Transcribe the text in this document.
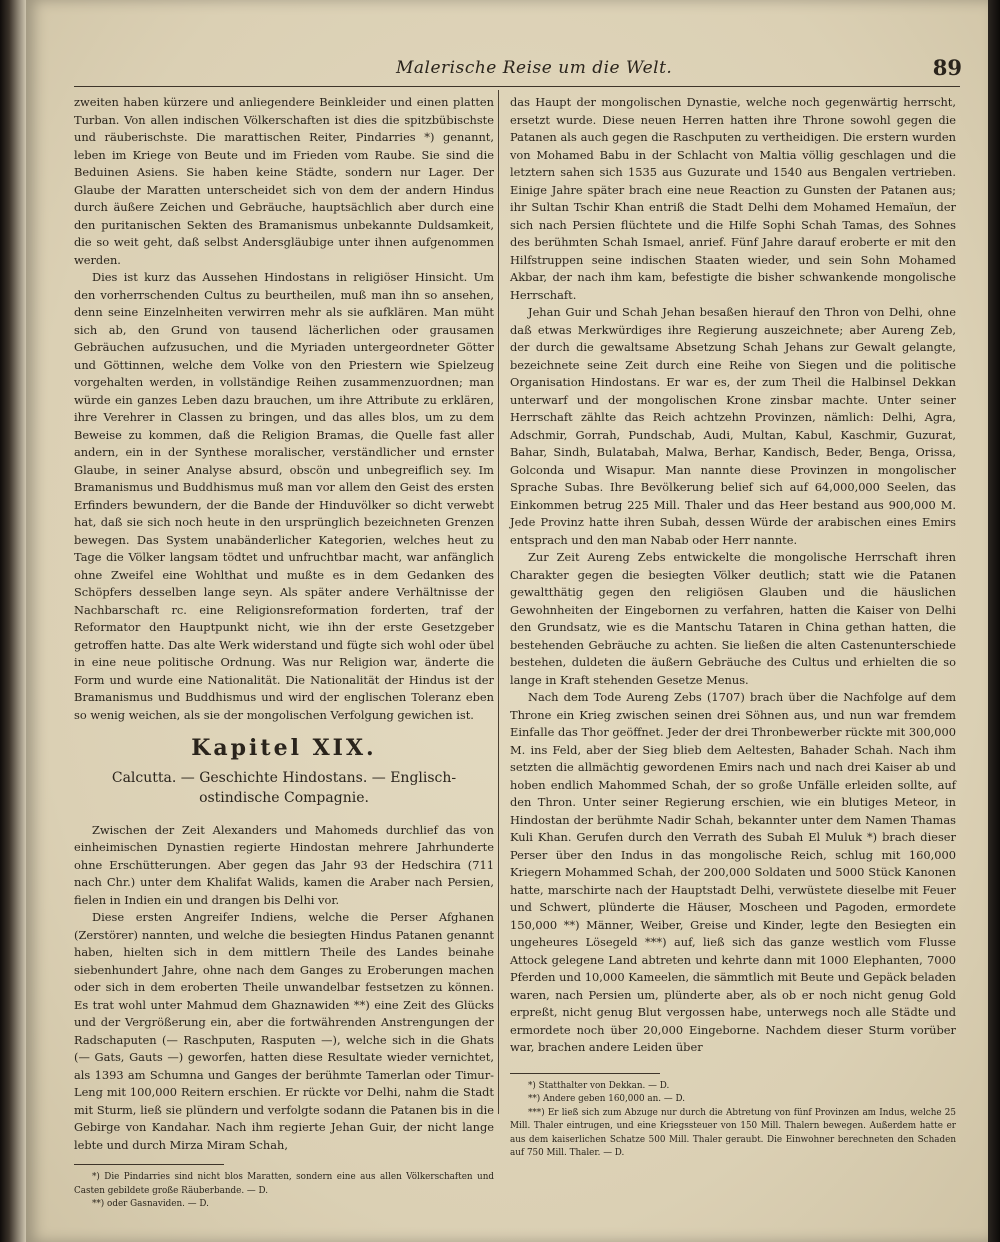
Malerische Reise um die Welt.	89

zweiten haben kürzere und anliegendere Beinkleider und einen platten Turban. Von allen indischen Völkerschaften ist dies die spitzbübischste und räuberischste. Die marattischen Reiter, Pindarries *) genannt, leben im Kriege von Beute und im Frieden vom Raube. Sie sind die Beduinen Asiens. Sie haben keine Städte, sondern nur Lager. Der Glaube der Maratten unterscheidet sich von dem der andern Hindus durch äußere Zeichen und Gebräuche, hauptsächlich aber durch eine den puritanischen Sekten des Bramanismus unbekannte Duldsamkeit, die so weit geht, daß selbst Andersgläubige unter ihnen aufgenommen werden.

Dies ist kurz das Aussehen Hindostans in religiöser Hinsicht. Um den vorherrschenden Cultus zu beurtheilen, muß man ihn so ansehen, denn seine Einzelnheiten verwirren mehr als sie aufklären. Man müht sich ab, den Grund von tausend lächerlichen oder grausamen Gebräuchen aufzusuchen, und die Myriaden untergeordneter Götter und Göttinnen, welche dem Volke von den Priestern wie Spielzeug vorgehalten werden, in vollständige Reihen zusammenzuordnen; man würde ein ganzes Leben dazu brauchen, um ihre Attribute zu erklären, ihre Verehrer in Classen zu bringen, und das alles blos, um zu dem Beweise zu kommen, daß die Religion Bramas, die Quelle fast aller andern, ein in der Synthese moralischer, verständlicher und ernster Glaube, in seiner Analyse absurd, obscön und unbegreiflich sey. Im Bramanismus und Buddhismus muß man vor allem den Geist des ersten Erfinders bewundern, der die Bande der Hinduvölker so dicht verwebt hat, daß sie sich noch heute in den ursprünglich bezeichneten Grenzen bewegen. Das System unabänderlicher Kategorien, welches heut zu Tage die Völker langsam tödtet und unfruchtbar macht, war anfänglich ohne Zweifel eine Wohlthat und mußte es in dem Gedanken des Schöpfers desselben lange seyn. Als später andere Verhältnisse der Nachbarschaft rc. eine Religionsreformation forderten, traf der Reformator den Hauptpunkt nicht, wie ihn der erste Gesetzgeber getroffen hatte. Das alte Werk widerstand und fügte sich wohl oder übel in eine neue politische Ordnung. Was nur Religion war, änderte die Form und wurde eine Nationalität. Die Nationalität der Hindus ist der Bramanismus und Buddhismus und wird der englischen Toleranz eben so wenig weichen, als sie der mongolischen Verfolgung gewichen ist.

Kapitel XIX.
Calcutta. — Geschichte Hindostans. — Englisch-ostindische Compagnie.

Zwischen der Zeit Alexanders und Mahomeds durchlief das von einheimischen Dynastien regierte Hindostan mehrere Jahrhunderte ohne Erschütterungen. Aber gegen das Jahr 93 der Hedschira (711 nach Chr.) unter dem Khalifat Walids, kamen die Araber nach Persien, fielen in Indien ein und drangen bis Delhi vor.

Diese ersten Angreifer Indiens, welche die Perser Afghanen (Zerstörer) nannten, und welche die besiegten Hindus Patanen genannt haben, hielten sich in dem mittlern Theile des Landes beinahe siebenhundert Jahre, ohne nach dem Ganges zu Eroberungen machen oder sich in dem eroberten Theile unwandelbar festsetzen zu können. Es trat wohl unter Mahmud dem Ghaznawiden **) eine Zeit des Glücks und der Vergrößerung ein, aber die fortwährenden Anstrengungen der Radschaputen (— Raschputen, Rasputen —), welche sich in die Ghats (— Gats, Gauts —) geworfen, hatten diese Resultate wieder vernichtet, als 1393 am Schumna und Ganges der berühmte Tamerlan oder Timur-Leng mit 100,000 Reitern erschien. Er rückte vor Delhi, nahm die Stadt mit Sturm, ließ sie plündern und verfolgte sodann die Patanen bis in die Gebirge von Kandahar. Nach ihm regierte Jehan Guir, der nicht lange lebte und durch Mirza Miram Schah,

*) Die Pindarries sind nicht blos Maratten, sondern eine aus allen Völkerschaften und Casten gebildete große Räuberbande. — D.

**) oder Gasnaviden. — D.

das Haupt der mongolischen Dynastie, welche noch gegenwärtig herrscht, ersetzt wurde. Diese neuen Herren hatten ihre Throne sowohl gegen die Patanen als auch gegen die Raschputen zu vertheidigen. Die erstern wurden von Mohamed Babu in der Schlacht von Maltia völlig geschlagen und die letztern sahen sich 1535 aus Guzurate und 1540 aus Bengalen vertrieben. Einige Jahre später brach eine neue Reaction zu Gunsten der Patanen aus; ihr Sultan Tschir Khan entriß die Stadt Delhi dem Mohamed Hemaïun, der sich nach Persien flüchtete und die Hilfe Sophi Schah Tamas, des Sohnes des berühmten Schah Ismael, anrief. Fünf Jahre darauf eroberte er mit den Hilfstruppen seine indischen Staaten wieder, und sein Sohn Mohamed Akbar, der nach ihm kam, befestigte die bisher schwankende mongolische Herrschaft.

Jehan Guir und Schah Jehan besaßen hierauf den Thron von Delhi, ohne daß etwas Merkwürdiges ihre Regierung auszeichnete; aber Aureng Zeb, der durch die gewaltsame Absetzung Schah Jehans zur Gewalt gelangte, bezeichnete seine Zeit durch eine Reihe von Siegen und die politische Organisation Hindostans. Er war es, der zum Theil die Halbinsel Dekkan unterwarf und der mongolischen Krone zinsbar machte. Unter seiner Herrschaft zählte das Reich achtzehn Provinzen, nämlich: Delhi, Agra, Adschmir, Gorrah, Pundschab, Audi, Multan, Kabul, Kaschmir, Guzurat, Bahar, Sindh, Bulatabah, Malwa, Berhar, Kandisch, Beder, Benga, Orissa, Golconda und Wisapur. Man nannte diese Provinzen in mongolischer Sprache Subas. Ihre Bevölkerung belief sich auf 64,000,000 Seelen, das Einkommen betrug 225 Mill. Thaler und das Heer bestand aus 900,000 M. Jede Provinz hatte ihren Subah, dessen Würde der arabischen eines Emirs entsprach und den man Nabab oder Herr nannte.

Zur Zeit Aureng Zebs entwickelte die mongolische Herrschaft ihren Charakter gegen die besiegten Völker deutlich; statt wie die Patanen gewaltthätig gegen den religiösen Glauben und die häuslichen Gewohnheiten der Eingebornen zu verfahren, hatten die Kaiser von Delhi den Grundsatz, wie es die Mantschu Tataren in China gethan hatten, die bestehenden Gebräuche zu achten. Sie ließen die alten Castenunterschiede bestehen, duldeten die äußern Gebräuche des Cultus und erhielten die so lange in Kraft stehenden Gesetze Menus.

Nach dem Tode Aureng Zebs (1707) brach über die Nachfolge auf dem Throne ein Krieg zwischen seinen drei Söhnen aus, und nun war fremdem Einfalle das Thor geöffnet. Jeder der drei Thronbewerber rückte mit 300,000 M. ins Feld, aber der Sieg blieb dem Aeltesten, Bahader Schah. Nach ihm setzten die allmächtig gewordenen Emirs nach und nach drei Kaiser ab und hoben endlich Mahommed Schah, der so große Unfälle erleiden sollte, auf den Thron. Unter seiner Regierung erschien, wie ein blutiges Meteor, in Hindostan der berühmte Nadir Schah, bekannter unter dem Namen Thamas Kuli Khan. Gerufen durch den Verrath des Subah El Muluk *) brach dieser Perser über den Indus in das mongolische Reich, schlug mit 160,000 Kriegern Mohammed Schah, der 200,000 Soldaten und 5000 Stück Kanonen hatte, marschirte nach der Hauptstadt Delhi, verwüstete dieselbe mit Feuer und Schwert, plünderte die Häuser, Moscheen und Pagoden, ermordete 150,000 **) Männer, Weiber, Greise und Kinder, legte den Besiegten ein ungeheures Lösegeld ***) auf, ließ sich das ganze westlich vom Flusse Attock gelegene Land abtreten und kehrte dann mit 1000 Elephanten, 7000 Pferden und 10,000 Kameelen, die sämmtlich mit Beute und Gepäck beladen waren, nach Persien um, plünderte aber, als ob er noch nicht genug Gold erpreßt, nicht genug Blut vergossen habe, unterwegs noch alle Städte und ermordete noch über 20,000 Eingeborne. Nachdem dieser Sturm vorüber war, brachen andere Leiden über

*) Statthalter von Dekkan. — D.

**) Andere geben 160,000 an. — D.

***) Er ließ sich zum Abzuge nur durch die Abtretung von fünf Provinzen am Indus, welche 25 Mill. Thaler eintrugen, und eine Kriegssteuer von 150 Mill. Thalern bewegen. Außerdem hatte er aus dem kaiserlichen Schatze 500 Mill. Thaler geraubt. Die Einwohner berechneten den Schaden auf 750 Mill. Thaler. — D.
